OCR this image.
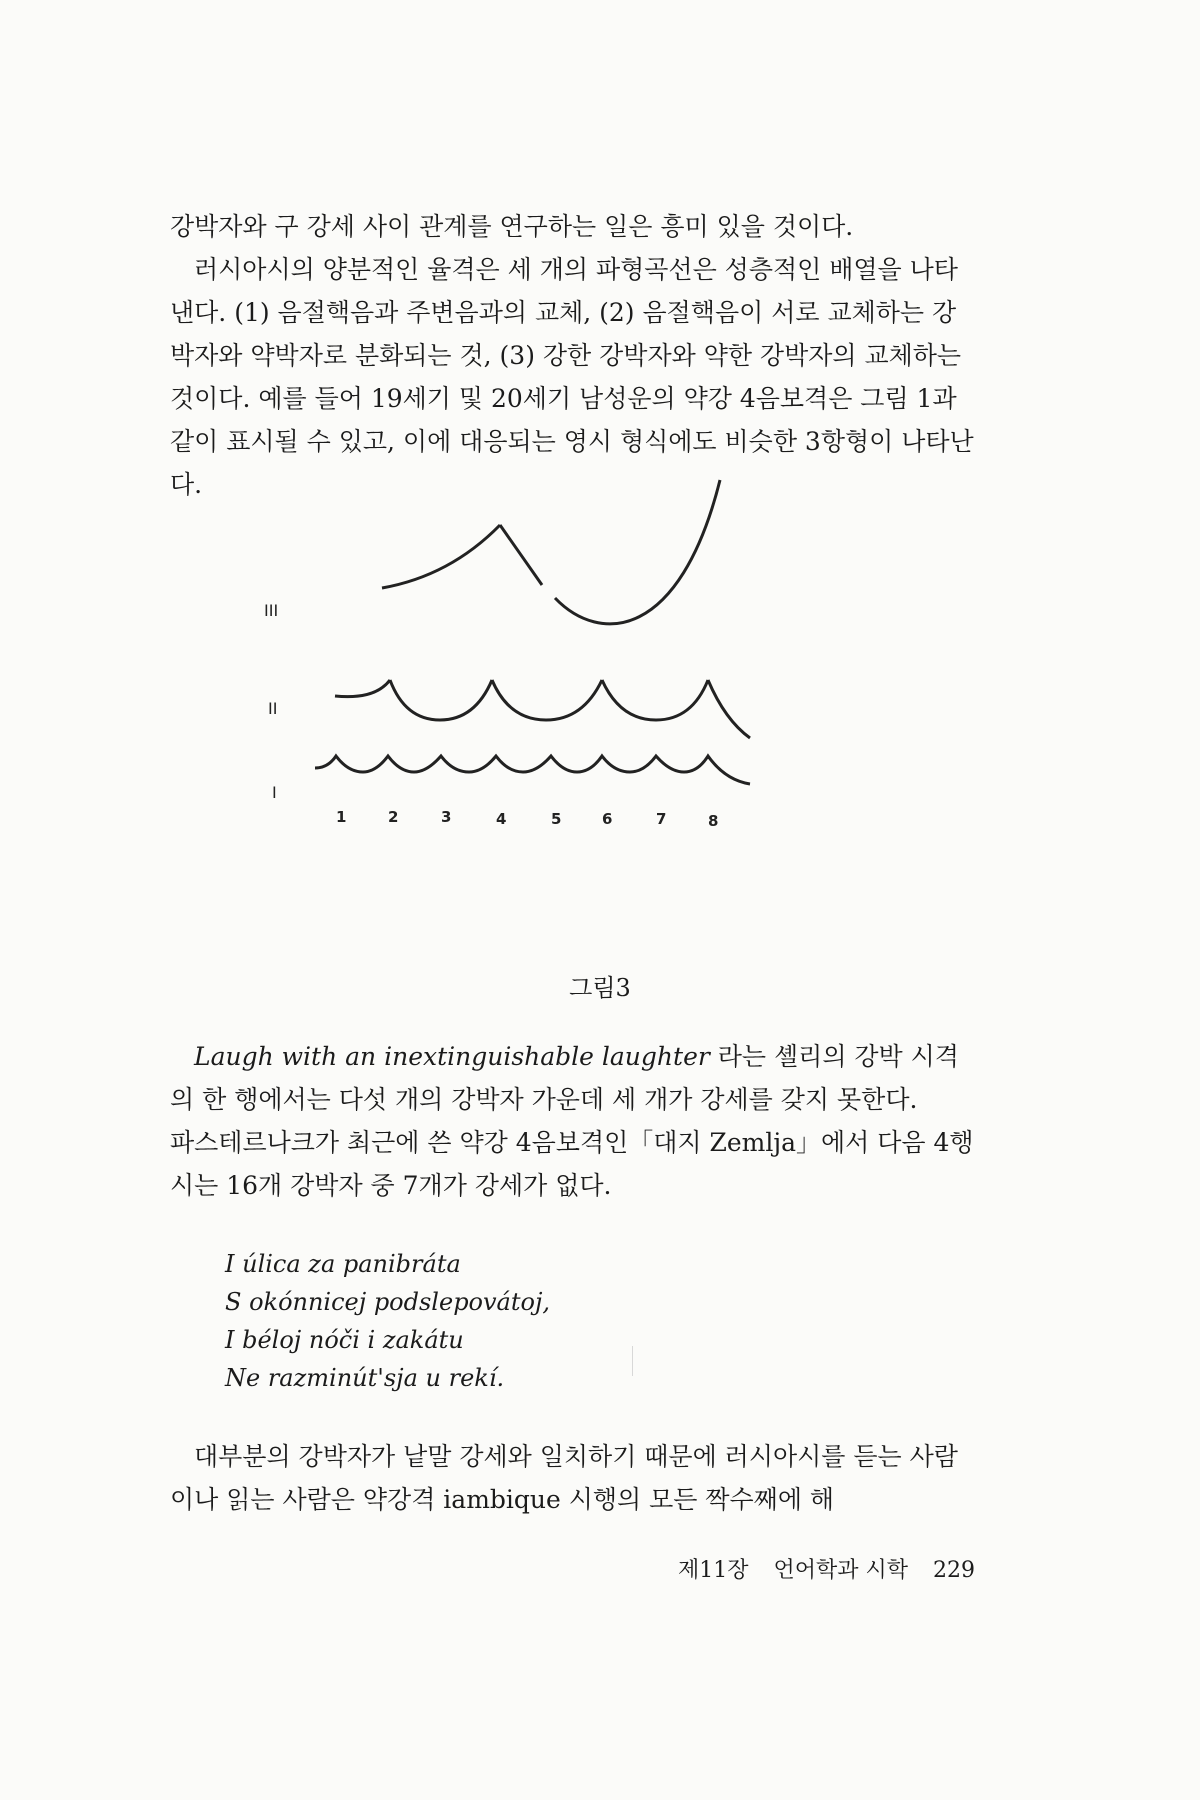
강박자와 구 강세 사이 관계를 연구하는 일은 흥미 있을 것이다.

러시아시의 양분적인 율격은 세 개의 파형곡선은 성층적인 배열을 나타낸다. (1) 음절핵음과 주변음과의 교체, (2) 음절핵음이 서로 교체하는 강박자와 약박자로 분화되는 것, (3) 강한 강박자와 약한 강박자의 교체하는 것이다. 예를 들어 19세기 및 20세기 남성운의 약강 4음보격은 그림 1과 같이 표시될 수 있고, 이에 대응되는 영시 형식에도 비슷한 3항형이 나타난다.

III
II
I
1	2	3	4	5	6	7	8
그림3

Laugh with an inextinguishable laughter 라는 셸리의 강박 시격의 한 행에서는 다섯 개의 강박자 가운데 세 개가 강세를 갖지 못한다.

파스테르나크가 최근에 쓴 약강 4음보격인「대지 Zemlja」에서 다음 4행시는 16개 강박자 중 7개가 강세가 없다.

I úlica za panibráta
S okónnicej podslepovátoj,
I béloj nóči i zakátu
Ne razminút'sja u rekí.

대부분의 강박자가 낱말 강세와 일치하기 때문에 러시아시를 듣는 사람이나 읽는 사람은 약강격 iambique 시행의 모든 짝수째에 해

제11장 언어학과 시학 229
